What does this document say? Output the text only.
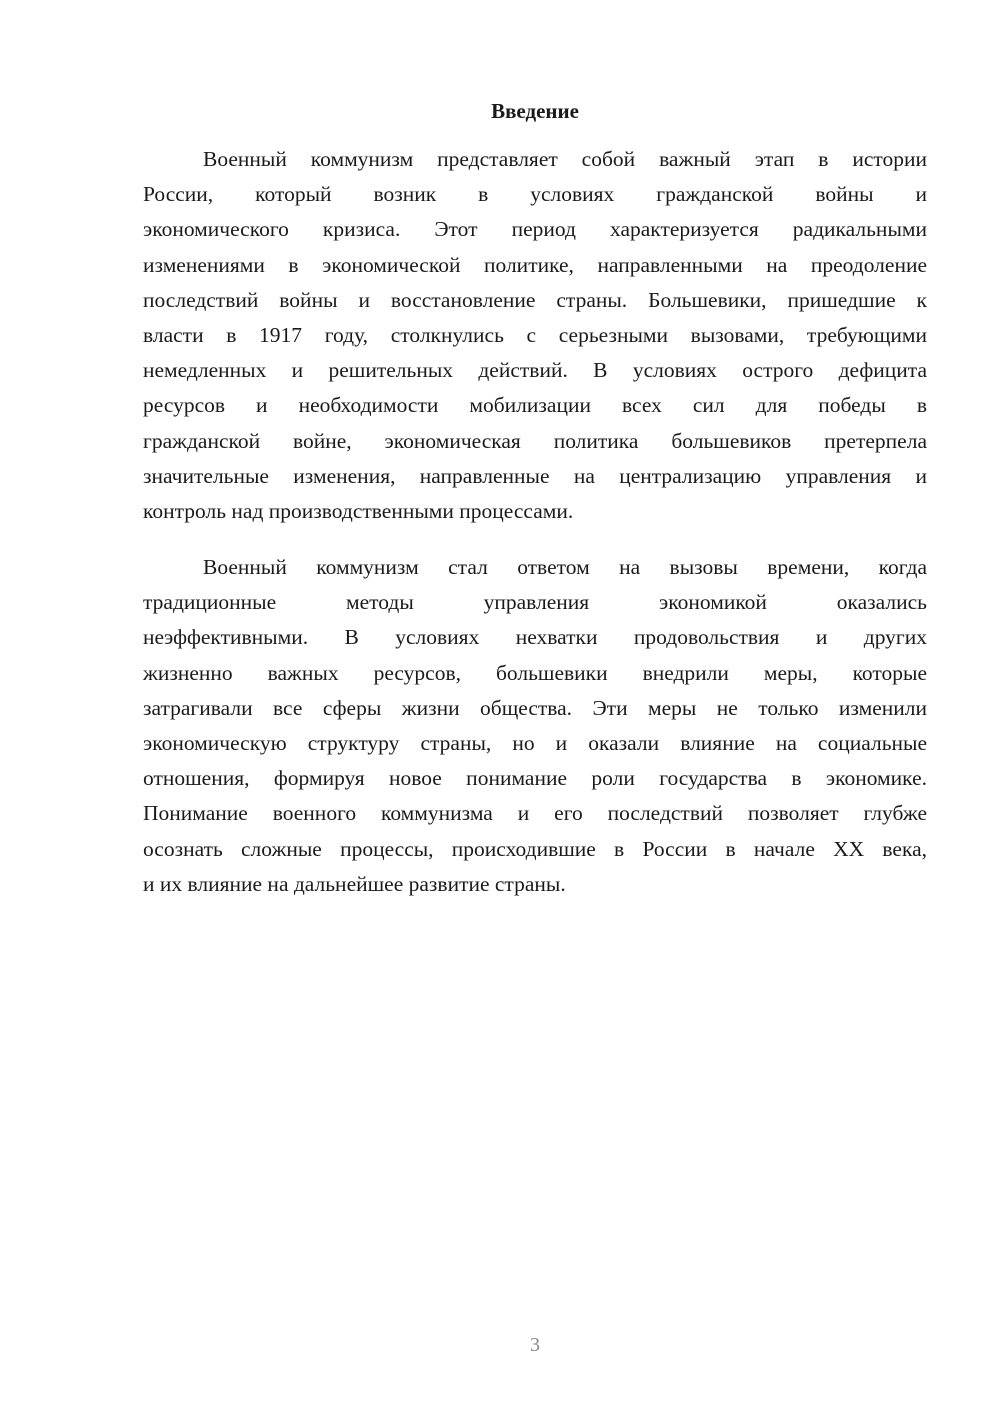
Введение
Военный коммунизм представляет собой важный этап в истории
России, который возник в условиях гражданской войны и
экономического кризиса. Этот период характеризуется радикальными
изменениями в экономической политике, направленными на преодоление
последствий войны и восстановление страны. Большевики, пришедшие к
власти в 1917 году, столкнулись с серьезными вызовами, требующими
немедленных и решительных действий. В условиях острого дефицита
ресурсов и необходимости мобилизации всех сил для победы в
гражданской войне, экономическая политика большевиков претерпела
значительные изменения, направленные на централизацию управления и
контроль над производственными процессами.
Военный коммунизм стал ответом на вызовы времени, когда
традиционные методы управления экономикой оказались
неэффективными. В условиях нехватки продовольствия и других
жизненно важных ресурсов, большевики внедрили меры, которые
затрагивали все сферы жизни общества. Эти меры не только изменили
экономическую структуру страны, но и оказали влияние на социальные
отношения, формируя новое понимание роли государства в экономике.
Понимание военного коммунизма и его последствий позволяет глубже
осознать сложные процессы, происходившие в России в начале XX века,
и их влияние на дальнейшее развитие страны.
3
